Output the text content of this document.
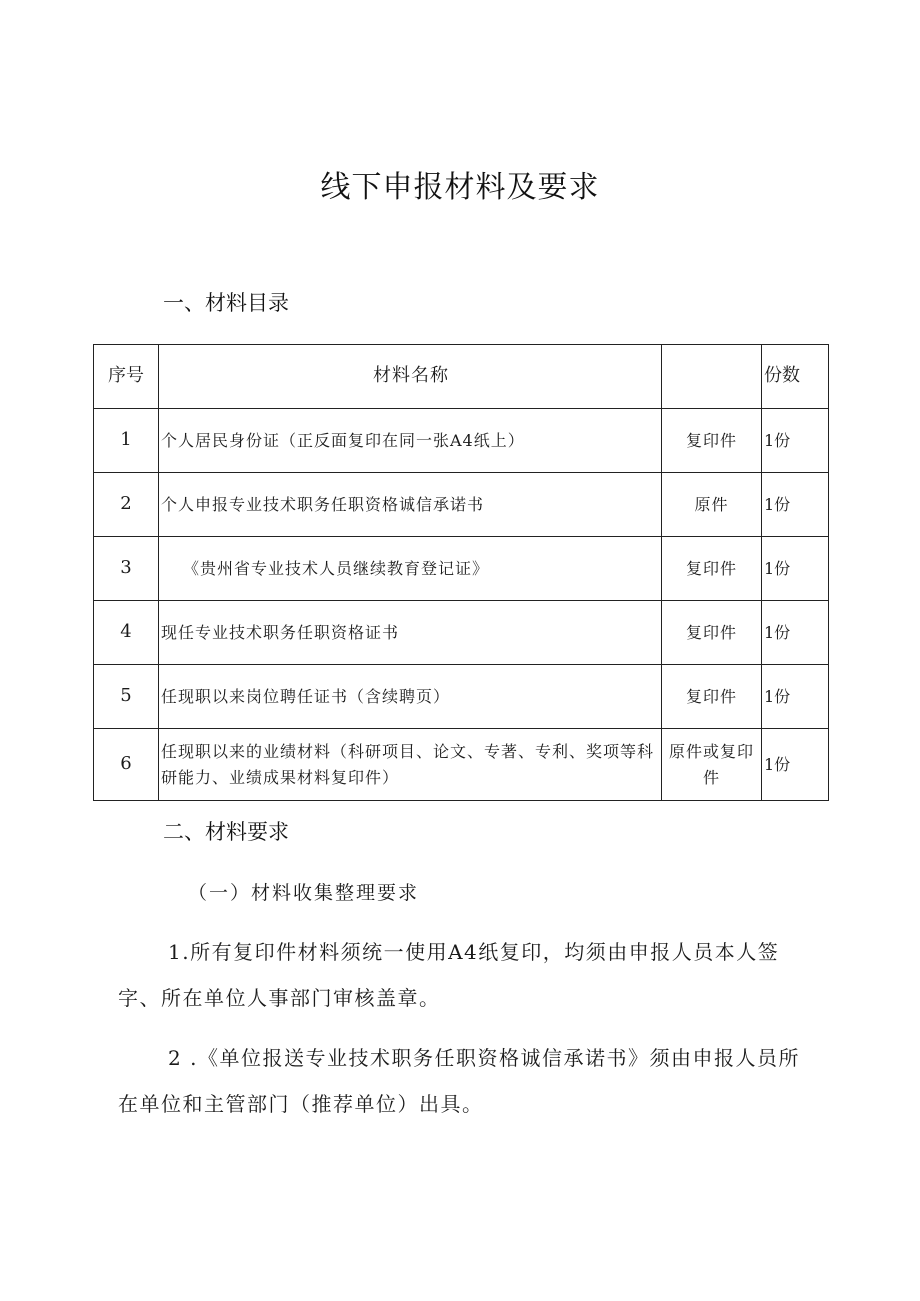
线下申报材料及要求
一、材料目录
序号	材料名称		份数
1	个人居民身份证（正反面复印在同一张A4纸上）	复印件	1份
2	个人申报专业技术职务任职资格诚信承诺书	原件	1份
3	《贵州省专业技术人员继续教育登记证》	复印件	1份
4	现任专业技术职务任职资格证书	复印件	1份
5	任现职以来岗位聘任证书（含续聘页）	复印件	1份
6	任现职以来的业绩材料（科研项目、论文、专著、专利、奖项等科研能力、业绩成果材料复印件）	原件或复印件	1份
二、材料要求
（一）材料收集整理要求
1.所有复印件材料须统一使用A4纸复印，均须由申报人员本人签字、所在单位人事部门审核盖章。
2 .《单位报送专业技术职务任职资格诚信承诺书》须由申报人员所在单位和主管部门（推荐单位）出具。
